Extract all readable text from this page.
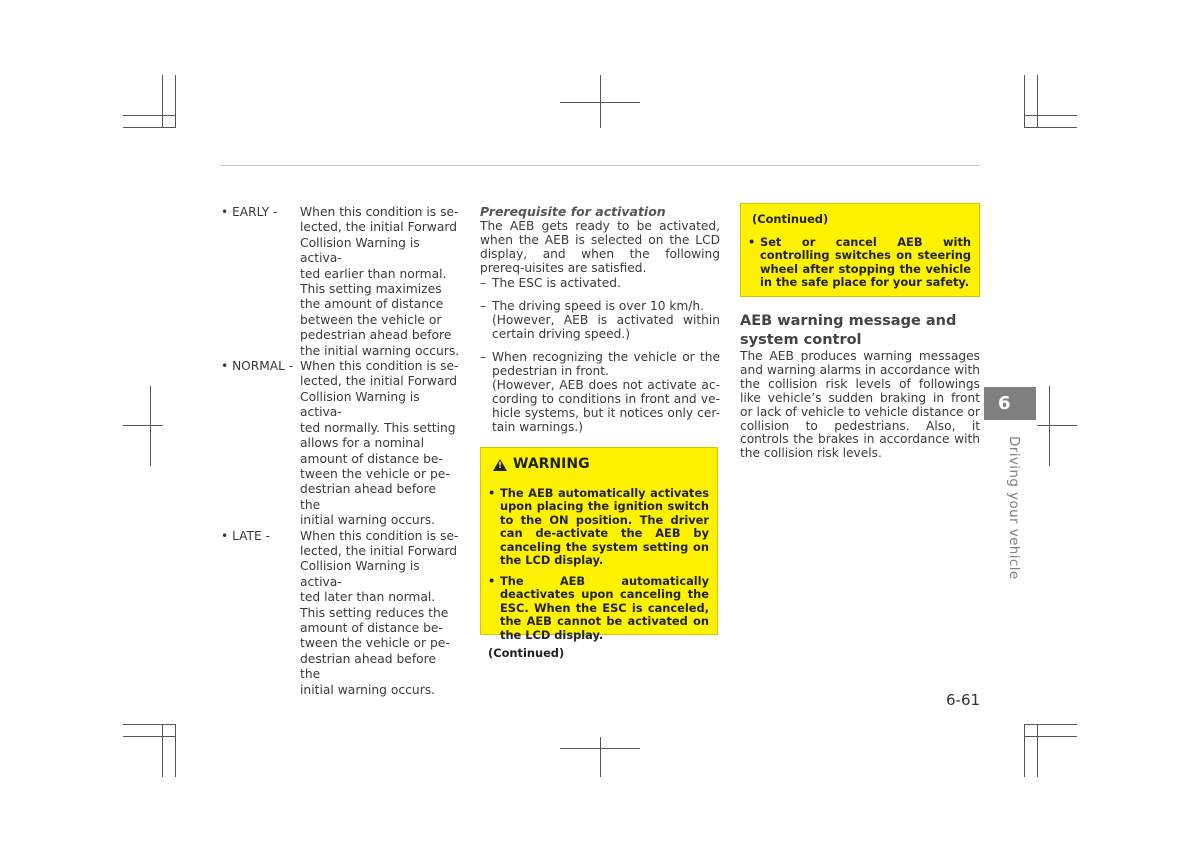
• EARLY -	When this condition is se-
lected, the initial Forward
Collision Warning is activa-
ted earlier than normal.
This setting maximizes
the amount of distance
between the vehicle or
pedestrian ahead before
the initial warning occurs.
• NORMAL - When this condition is se-
lected, the initial Forward
Collision Warning is activa-
ted normally. This setting
allows for a nominal
amount of distance be-
tween the vehicle or pe-
destrian ahead before the
initial warning occurs.
• LATE -	When this condition is se-
lected, the initial Forward
Collision Warning is activa-
ted later than normal.
This setting reduces the
amount of distance be-
tween the vehicle or pe-
destrian ahead before the
initial warning occurs.
Prerequisite for activation

The AEB gets ready to be activated, when the AEB is selected on the LCD display, and when the following prereq-uisites are satisfied.

– The ESC is activated.
– The driving speed is over 10 km/h.
(However, AEB is activated within certain driving speed.)
– When recognizing the vehicle or the pedestrian in front.
(However, AEB does not activate ac-cording to conditions in front and ve-hicle systems, but it notices only cer-tain warnings.)
! WARNING
• The AEB automatically activates upon placing the ignition switch to the ON position. The driver can de-activate the AEB by canceling the system setting on the LCD display.
• The AEB automatically deactivates upon canceling the ESC. When the ESC is canceled, the AEB cannot be activated on the LCD display.
(Continued)
(Continued)
• Set or cancel AEB with controlling switches on steering wheel after stopping the vehicle in the safe place for your safety.
AEB warning message and
system control

The AEB produces warning messages and warning alarms in accordance with the collision risk levels of followings like vehicle’s sudden braking in front or lack of vehicle to vehicle distance or collision to pedestrians. Also, it controls the brakes in accordance with the collision risk levels.

6
Driving your vehicle
6-61
